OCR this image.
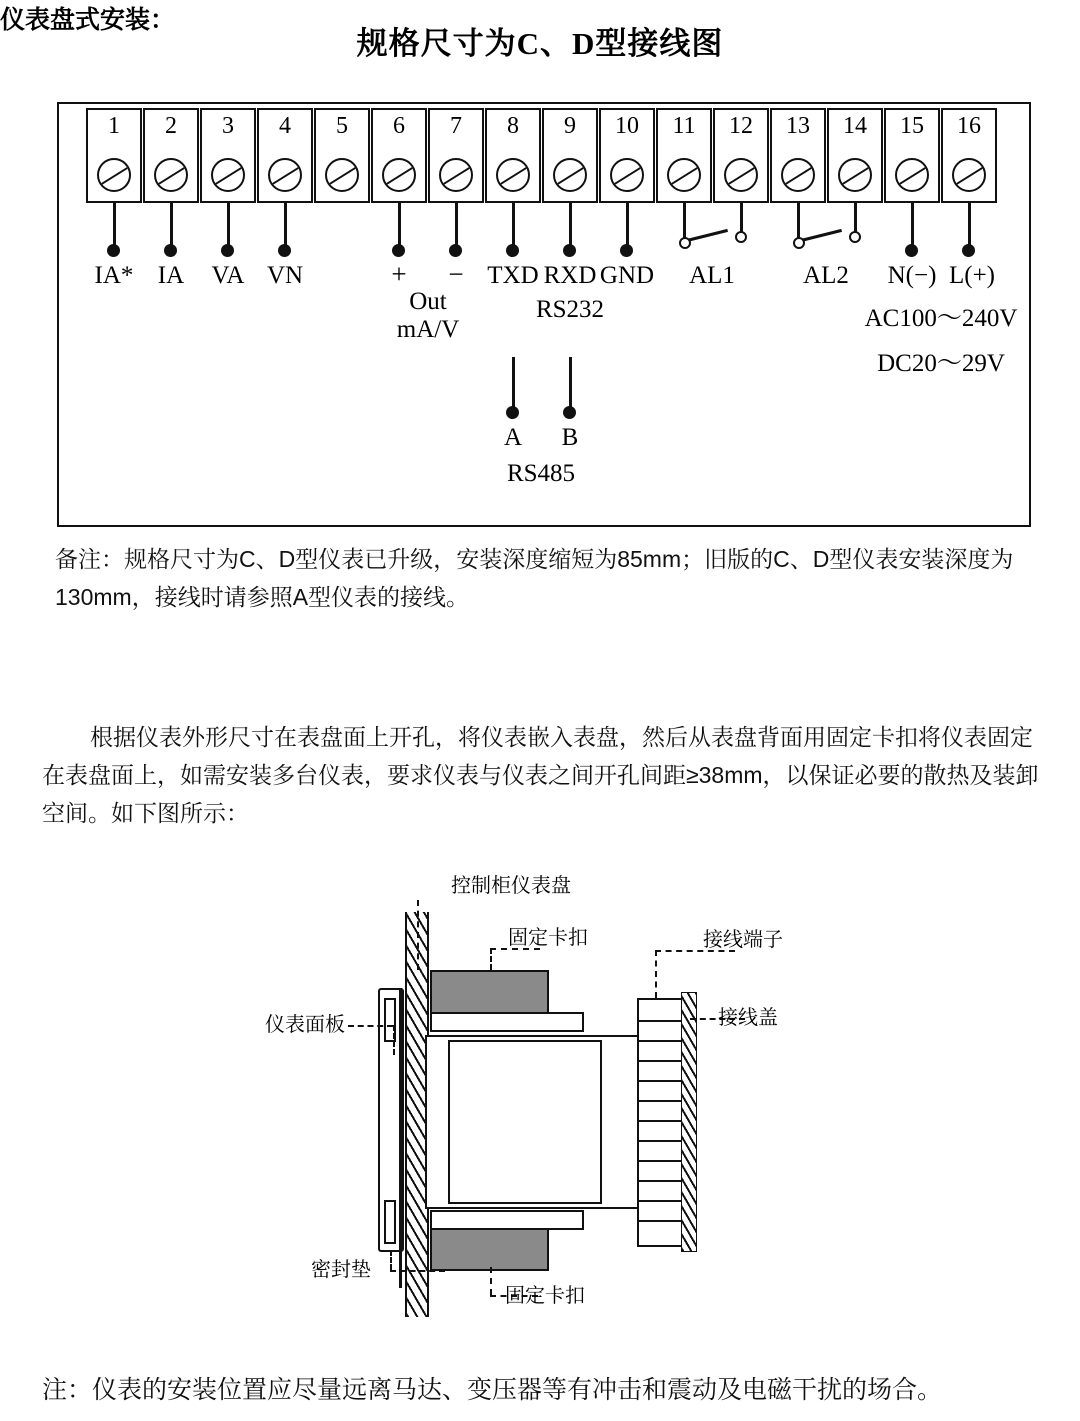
规格尺寸为C、D型接线图
1	2	3	4	5	6	7	8	9	10	11	12	13	14	15	16
IA* IA VA VN	+ −
Out
mA/V
TXD RXD GND
RS232
AL1	AL2 N(−) L(+)
AC100～240V
DC20～29V
A B
RS485
备注：规格尺寸为C、D型仪表已升级，安装深度缩短为85mm；旧版的C、D型仪表安装深度为130mm，接线时请参照A型仪表的接线。
仪表盘式安装：
根据仪表外形尺寸在表盘面上开孔，将仪表嵌入表盘，然后从表盘背面用固定卡扣将仪表固定在表盘面上，如需安装多台仪表，要求仪表与仪表之间开孔间距≥38mm，以保证必要的散热及装卸空间。如下图所示：
控制柜仪表盘
固定卡扣	接线端子
接线盖
仪表面板
密封垫
固定卡扣
注：仪表的安装位置应尽量远离马达、变压器等有冲击和震动及电磁干扰的场合。
